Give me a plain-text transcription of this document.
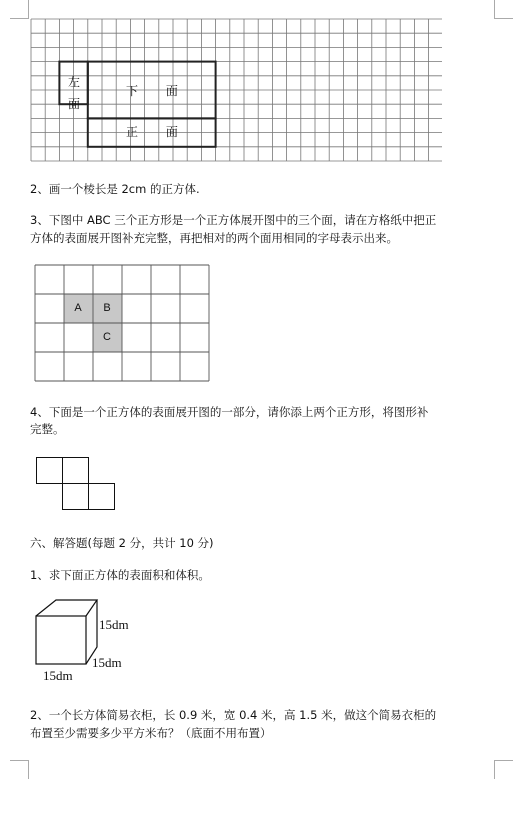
左
面
下 面
正 面
2、画一个棱长是 2cm 的正方体.
3、下图中 ABC 三个正方形是一个正方体展开图中的三个面，请在方格纸中把正
方体的表面展开图补充完整，再把相对的两个面用相同的字母表示出来。
A	B
C
4、下面是一个正方体的表面展开图的一部分，请你添上两个正方形，将图形补
完整。
六、解答题(每题 2 分，共计 10 分)
1、求下面正方体的表面积和体积。
15dm
15dm
15dm
2、一个长方体简易衣柜，长 0.9 米，宽 0.4 米，高 1.5 米，做这个简易衣柜的
布置至少需要多少平方米布？（底面不用布置）
